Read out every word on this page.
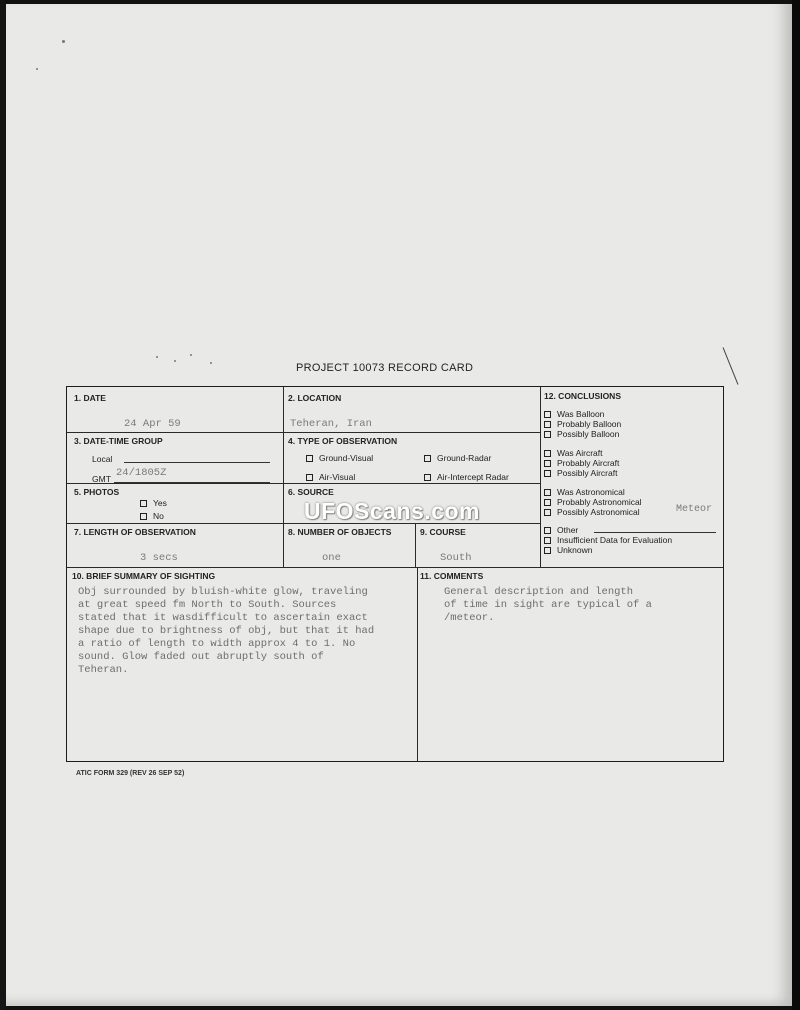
PROJECT 10073 RECORD CARD
1. DATE
24 Apr 59
2. LOCATION
Teheran, Iran
3. DATE-TIME GROUP
Local
GMT 24/1805Z
4. TYPE OF OBSERVATION
Ground-Visual	Ground-Radar
Air-Visual	Air-Intercept Radar
5. PHOTOS
Yes
No
6. SOURCE
7. LENGTH OF OBSERVATION
3 secs
8. NUMBER OF OBJECTS
one
9. COURSE
South
10. BRIEF SUMMARY OF SIGHTING
Obj surrounded by bluish-white glow, traveling
at great speed fm North to South. Sources
stated that it wasdifficult to ascertain exact
shape due to brightness of obj, but that it had
a ratio of length to width approx 4 to 1. No
sound. Glow faded out abruptly south of
Teheran.
11. COMMENTS
General description and length
of time in sight are typical of a
/meteor.
12. CONCLUSIONS
Was Balloon
Probably Balloon
Possibly Balloon
Was Aircraft
Probably Aircraft
Possibly Aircraft
Was Astronomical
Probably Astronomical
Possibly Astronomical	Meteor
Other
Insufficient Data for Evaluation
Unknown
UFOScans.com
ATIC FORM 329 (REV 26 SEP 52)
